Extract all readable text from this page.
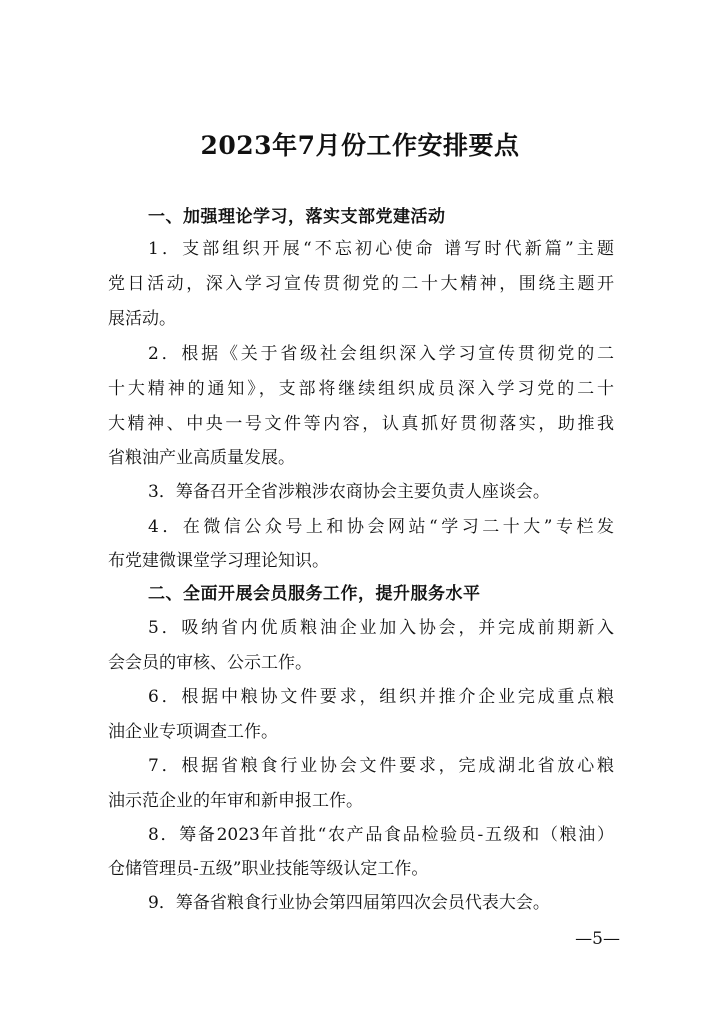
2023年7月份工作安排要点
一、加强理论学习，落实支部党建活动
1．支部组织开展“不忘初心使命 谱写时代新篇”主题
党日活动，深入学习宣传贯彻党的二十大精神，围绕主题开
展活动。
2．根据《关于省级社会组织深入学习宣传贯彻党的二
十大精神的通知》，支部将继续组织成员深入学习党的二十
大精神、中央一号文件等内容，认真抓好贯彻落实，助推我
省粮油产业高质量发展。
3．筹备召开全省涉粮涉农商协会主要负责人座谈会。
4．在微信公众号上和协会网站“学习二十大”专栏发
布党建微课堂学习理论知识。
二、全面开展会员服务工作，提升服务水平
5．吸纳省内优质粮油企业加入协会，并完成前期新入
会会员的审核、公示工作。
6．根据中粮协文件要求，组织并推介企业完成重点粮
油企业专项调查工作。
7．根据省粮食行业协会文件要求，完成湖北省放心粮
油示范企业的年审和新申报工作。
8．筹备2023年首批“农产品食品检验员-五级和（粮油）
仓储管理员-五级”职业技能等级认定工作。
9．筹备省粮食行业协会第四届第四次会员代表大会。
—5—
